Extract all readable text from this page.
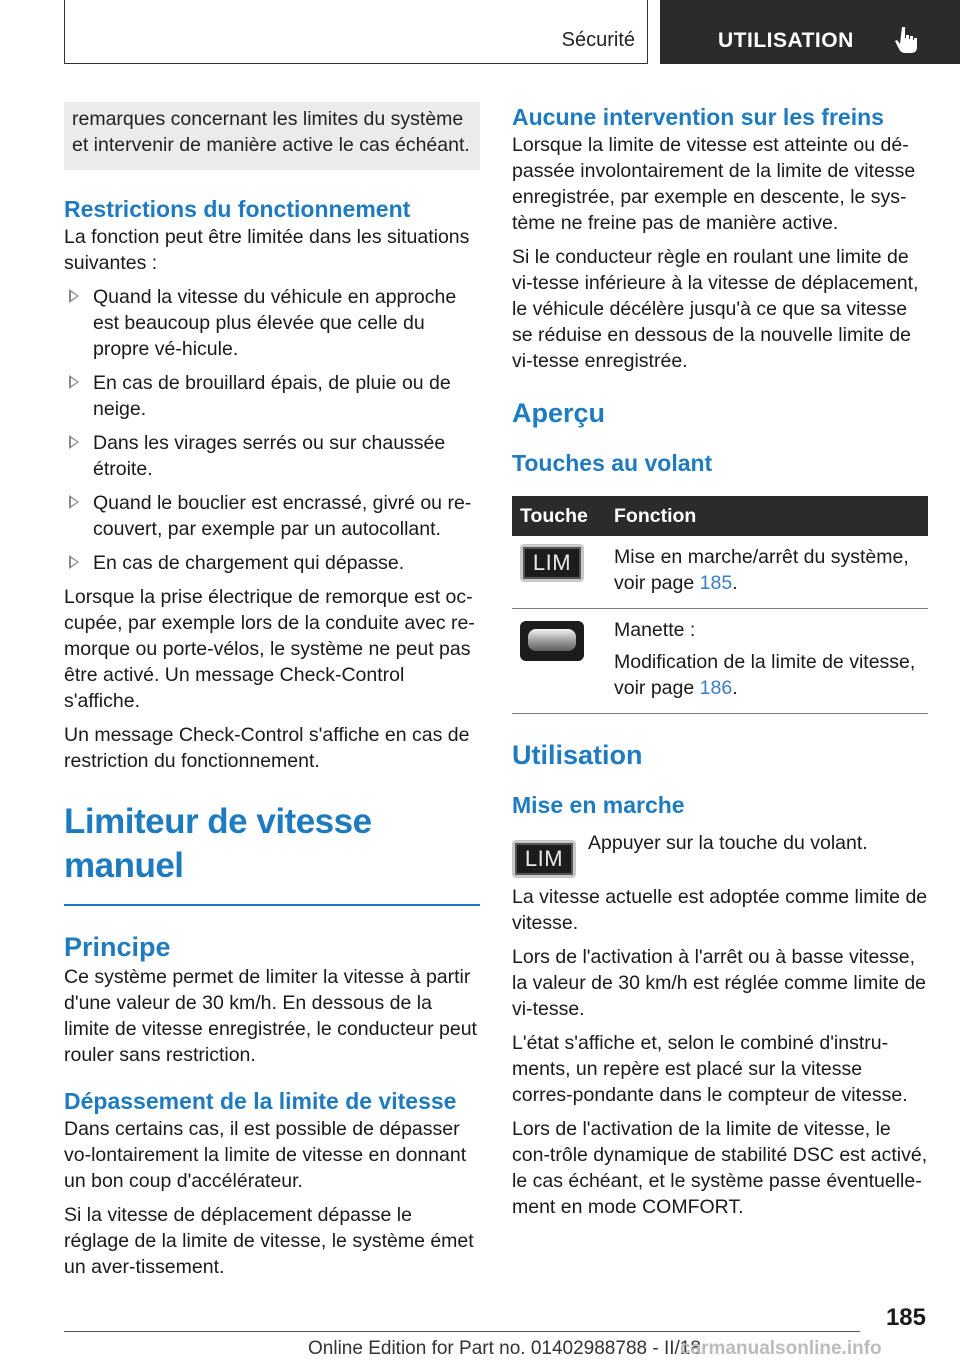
Sécurité	UTILISATION

remarques concernant les limites du système et intervenir de manière active le cas échéant.

Restrictions du fonctionnement

La fonction peut être limitée dans les situations suivantes :

Quand la vitesse du véhicule en approche est beaucoup plus élevée que celle du propre vé-hicule.
En cas de brouillard épais, de pluie ou de neige.
Dans les virages serrés ou sur chaussée étroite.
Quand le bouclier est encrassé, givré ou re-couvert, par exemple par un autocollant.
En cas de chargement qui dépasse.

Lorsque la prise électrique de remorque est oc-cupée, par exemple lors de la conduite avec re-morque ou porte-vélos, le système ne peut pas être activé. Un message Check-Control s'affiche.

Un message Check-Control s'affiche en cas de restriction du fonctionnement.

Limiteur de vitesse manuel
Principe

Ce système permet de limiter la vitesse à partir d'une valeur de 30 km/h. En dessous de la limite de vitesse enregistrée, le conducteur peut rouler sans restriction.

Dépassement de la limite de vitesse

Dans certains cas, il est possible de dépasser vo-lontairement la limite de vitesse en donnant un bon coup d'accélérateur.

Si la vitesse de déplacement dépasse le réglage de la limite de vitesse, le système émet un aver-tissement.

Aucune intervention sur les freins

Lorsque la limite de vitesse est atteinte ou dé-passée involontairement de la limite de vitesse enregistrée, par exemple en descente, le sys-tème ne freine pas de manière active.

Si le conducteur règle en roulant une limite de vi-tesse inférieure à la vitesse de déplacement, le véhicule décélère jusqu'à ce que sa vitesse se réduise en dessous de la nouvelle limite de vi-tesse enregistrée.

Aperçu
Touches au volant
Touche	Fonction

LIM	Mise en marche/arrêt du système, voir page 185.

	Manette :

Modification de la limite de vitesse, voir page 186.

Utilisation
Mise en marche
LIM

Appuyer sur la touche du volant.

La vitesse actuelle est adoptée comme limite de vitesse.

Lors de l'activation à l'arrêt ou à basse vitesse, la valeur de 30 km/h est réglée comme limite de vi-tesse.

L'état s'affiche et, selon le combiné d'instru-ments, un repère est placé sur la vitesse corres-pondante dans le compteur de vitesse.

Lors de l'activation de la limite de vitesse, le con-trôle dynamique de stabilité DSC est activé, le cas échéant, et le système passe éventuelle-ment en mode COMFORT.

185
Online Edition for Part no. 01402988788 - II/18
carmanualsonline.info
